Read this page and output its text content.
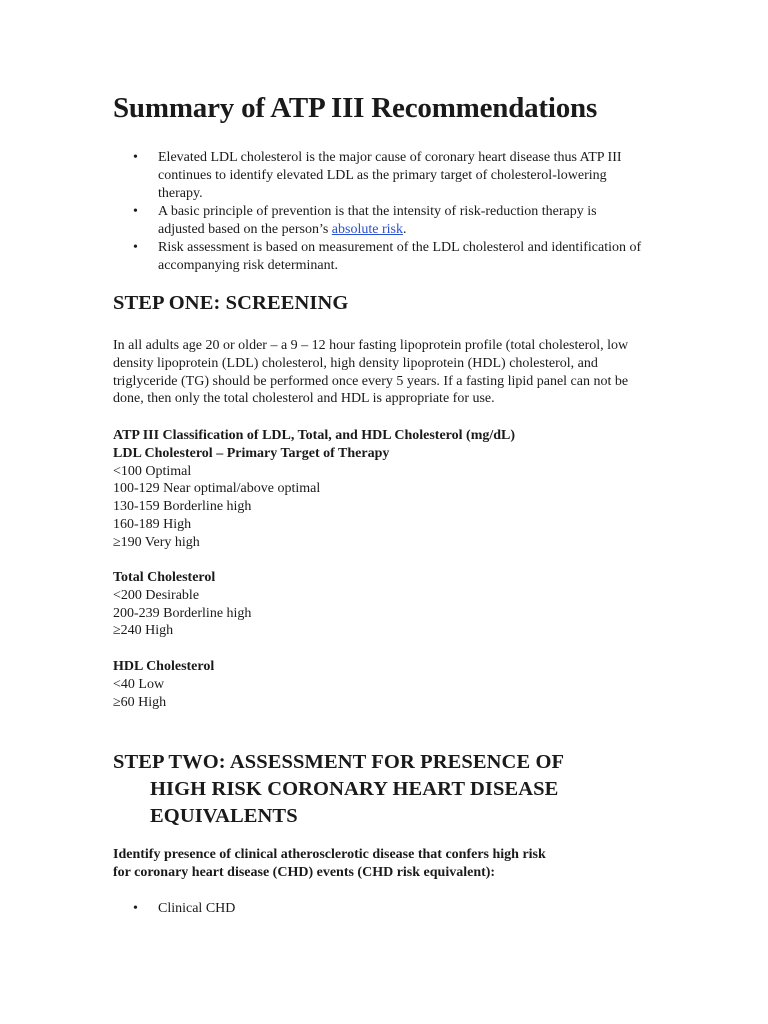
Summary of ATP III Recommendations
• Elevated LDL cholesterol is the major cause of coronary heart disease thus ATP III continues to identify elevated LDL as the primary target of cholesterol-lowering therapy.
• A basic principle of prevention is that the intensity of risk-reduction therapy is adjusted based on the person’s absolute risk.
• Risk assessment is based on measurement of the LDL cholesterol and identification of accompanying risk determinant.
STEP ONE: SCREENING

In all adults age 20 or older – a 9 – 12 hour fasting lipoprotein profile (total cholesterol, low density lipoprotein (LDL) cholesterol, high density lipoprotein (HDL) cholesterol, and triglyceride (TG) should be performed once every 5 years. If a fasting lipid panel can not be done, then only the total cholesterol and HDL is appropriate for use.

ATP III Classification of LDL, Total, and HDL Cholesterol (mg/dL)
LDL Cholesterol – Primary Target of Therapy
<100 Optimal
100-129 Near optimal/above optimal
130-159 Borderline high
160-189 High
≥190 Very high
Total Cholesterol
<200 Desirable
200-239 Borderline high
≥240 High
HDL Cholesterol
<40 Low
≥60 High
STEP TWO: ASSESSMENT FOR PRESENCE OF
HIGH RISK CORONARY HEART DISEASE
EQUIVALENTS

Identify presence of clinical atherosclerotic disease that confers high risk
for coronary heart disease (CHD) events (CHD risk equivalent):

• Clinical CHD
